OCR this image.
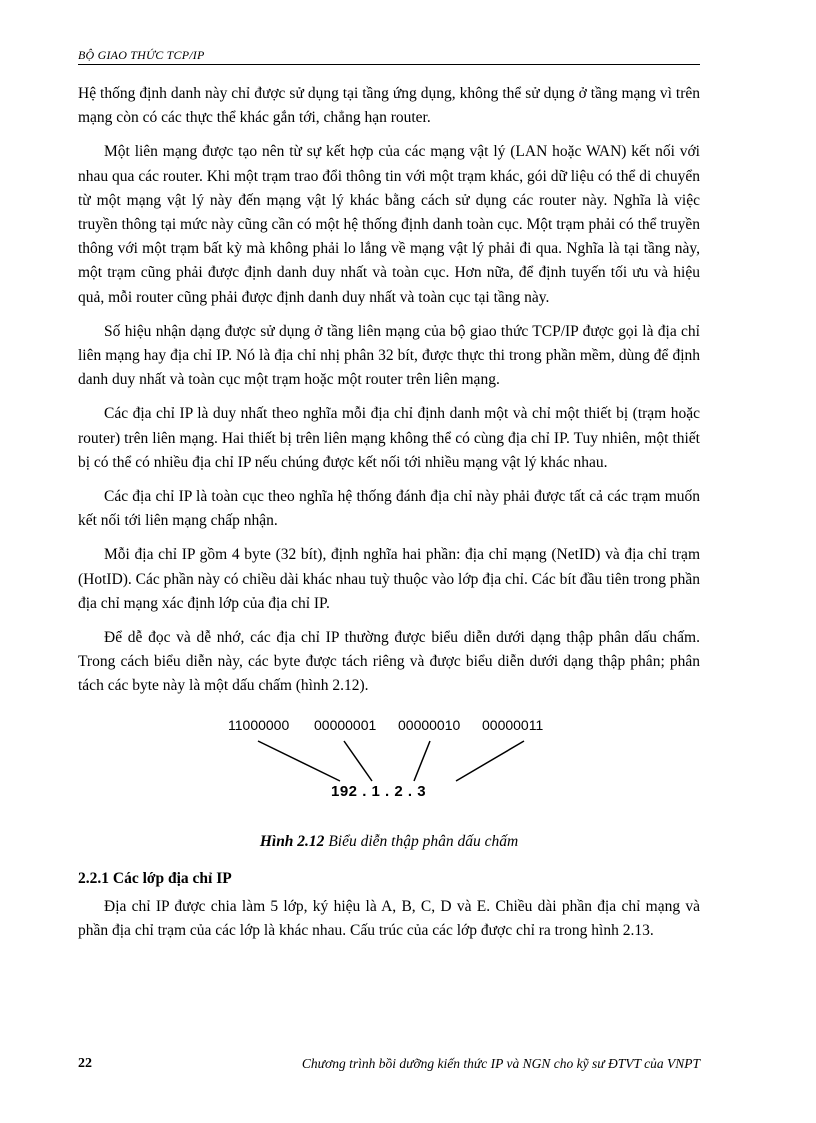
BỘ GIAO THỨC TCP/IP

Hệ thống định danh này chỉ được sử dụng tại tầng ứng dụng, không thể sử dụng ở tầng mạng vì trên mạng còn có các thực thể khác gắn tới, chẳng hạn router.

Một liên mạng được tạo nên từ sự kết hợp của các mạng vật lý (LAN hoặc WAN) kết nối với nhau qua các router. Khi một trạm trao đổi thông tin với một trạm khác, gói dữ liệu có thể di chuyển từ một mạng vật lý này đến mạng vật lý khác bằng cách sử dụng các router này. Nghĩa là việc truyền thông tại mức này cũng cần có một hệ thống định danh toàn cục. Một trạm phải có thể truyền thông với một trạm bất kỳ mà không phải lo lắng về mạng vật lý phải đi qua. Nghĩa là tại tầng này, một trạm cũng phải được định danh duy nhất và toàn cục. Hơn nữa, để định tuyến tối ưu và hiệu quả, mỗi router cũng phải được định danh duy nhất và toàn cục tại tầng này.

Số hiệu nhận dạng được sử dụng ở tầng liên mạng của bộ giao thức TCP/IP được gọi là địa chỉ liên mạng hay địa chỉ IP. Nó là địa chỉ nhị phân 32 bít, được thực thi trong phần mềm, dùng để định danh duy nhất và toàn cục một trạm hoặc một router trên liên mạng.

Các địa chỉ IP là duy nhất theo nghĩa mỗi địa chỉ định danh một và chỉ một thiết bị (trạm hoặc router) trên liên mạng. Hai thiết bị trên liên mạng không thể có cùng địa chỉ IP. Tuy nhiên, một thiết bị có thể có nhiều địa chỉ IP nếu chúng được kết nối tới nhiều mạng vật lý khác nhau.

Các địa chỉ IP là toàn cục theo nghĩa hệ thống đánh địa chỉ này phải được tất cả các trạm muốn kết nối tới liên mạng chấp nhận.

Mỗi địa chỉ IP gồm 4 byte (32 bít), định nghĩa hai phần: địa chỉ mạng (NetID) và địa chỉ trạm (HotID). Các phần này có chiều dài khác nhau tuỳ thuộc vào lớp địa chỉ. Các bít đầu tiên trong phần địa chỉ mạng xác định lớp của địa chỉ IP.

Để dễ đọc và dễ nhớ, các địa chỉ IP thường được biểu diễn dưới dạng thập phân dấu chấm. Trong cách biểu diễn này, các byte được tách riêng và được biểu diễn dưới dạng thập phân; phân tách các byte này là một dấu chấm (hình 2.12).

11000000 00000001 00000010 00000011
192 . 1 . 2 . 3
Hình 2.12 Biểu diễn thập phân dấu chấm
2.2.1 Các lớp địa chỉ IP

Địa chỉ IP được chia làm 5 lớp, ký hiệu là A, B, C, D và E. Chiều dài phần địa chỉ mạng và phần địa chỉ trạm của các lớp là khác nhau. Cấu trúc của các lớp được chỉ ra trong hình 2.13.

22	Chương trình bồi dưỡng kiến thức IP và NGN cho kỹ sư ĐTVT của VNPT
